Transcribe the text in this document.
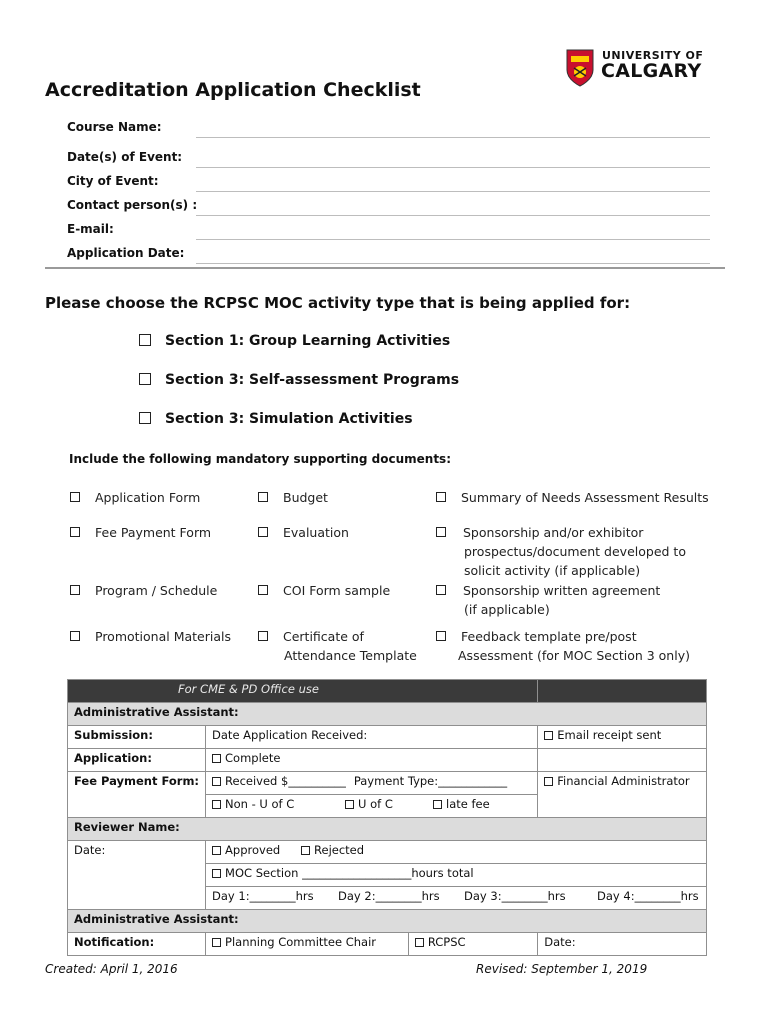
Accreditation Application Checklist
UNIVERSITY OF
CALGARY
Course Name:
Date(s) of Event:
City of Event:
Contact person(s) :
E-mail:
Application Date:
Please choose the RCPSC MOC activity type that is being applied for:
Section 1: Group Learning Activities
Section 3: Self-assessment Programs
Section 3: Simulation Activities
Include the following mandatory supporting documents:
Application Form	Budget	Summary of Needs Assessment Results
Fee Payment Form	Evaluation	Sponsorship and/or exhibitor
prospectus/document developed to
solicit activity (if applicable)
Program / Schedule	COI Form sample	Sponsorship written agreement
(if applicable)
Promotional Materials	Certificate of
Attendance Template
Feedback template pre/post
Assessment (for MOC Section 3 only)
For CME & PD Office use			
Administrative Assistant:			
Submission:	Date Application Received:		Email receipt sent
Application:	Complete		
Fee Payment Form:	Received $__________ Payment Type:____________		Financial Administrator
	Non - U of C U of C late fee		
Reviewer Name:			
Date:	Approved Rejected		
	MOC Section ___________________hours total		
	Day 1:________hrs Day 2:________hrs Day 3:________hrs Day 4:________hrs		
Administrative Assistant:			
Notification:	Planning Committee Chair	RCPSC	Date:
Created: April 1, 2016	Revised: September 1, 2019
